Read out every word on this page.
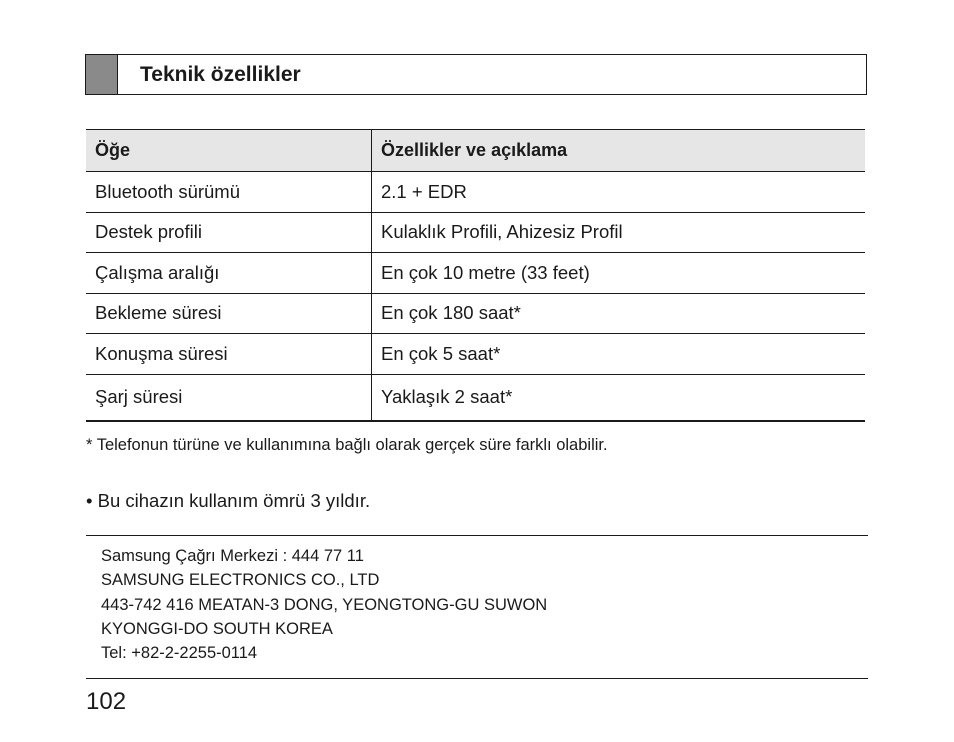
Teknik özellikler
Öğe	Özellikler ve açıklama
Bluetooth sürümü	2.1 + EDR
Destek profili	Kulaklık Profili, Ahizesiz Profil
Çalışma aralığı	En çok 10 metre (33 feet)
Bekleme süresi	En çok 180 saat*
Konuşma süresi	En çok 5 saat*
Şarj süresi	Yaklaşık 2 saat*
* Telefonun türüne ve kullanımına bağlı olarak gerçek süre farklı olabilir.
• Bu cihazın kullanım ömrü 3 yıldır.
Samsung Çağrı Merkezi : 444 77 11
SAMSUNG ELECTRONICS CO., LTD
443-742 416 MEATAN-3 DONG, YEONGTONG-GU SUWON
KYONGGI-DO SOUTH KOREA
Tel: +82-2-2255-0114
102
